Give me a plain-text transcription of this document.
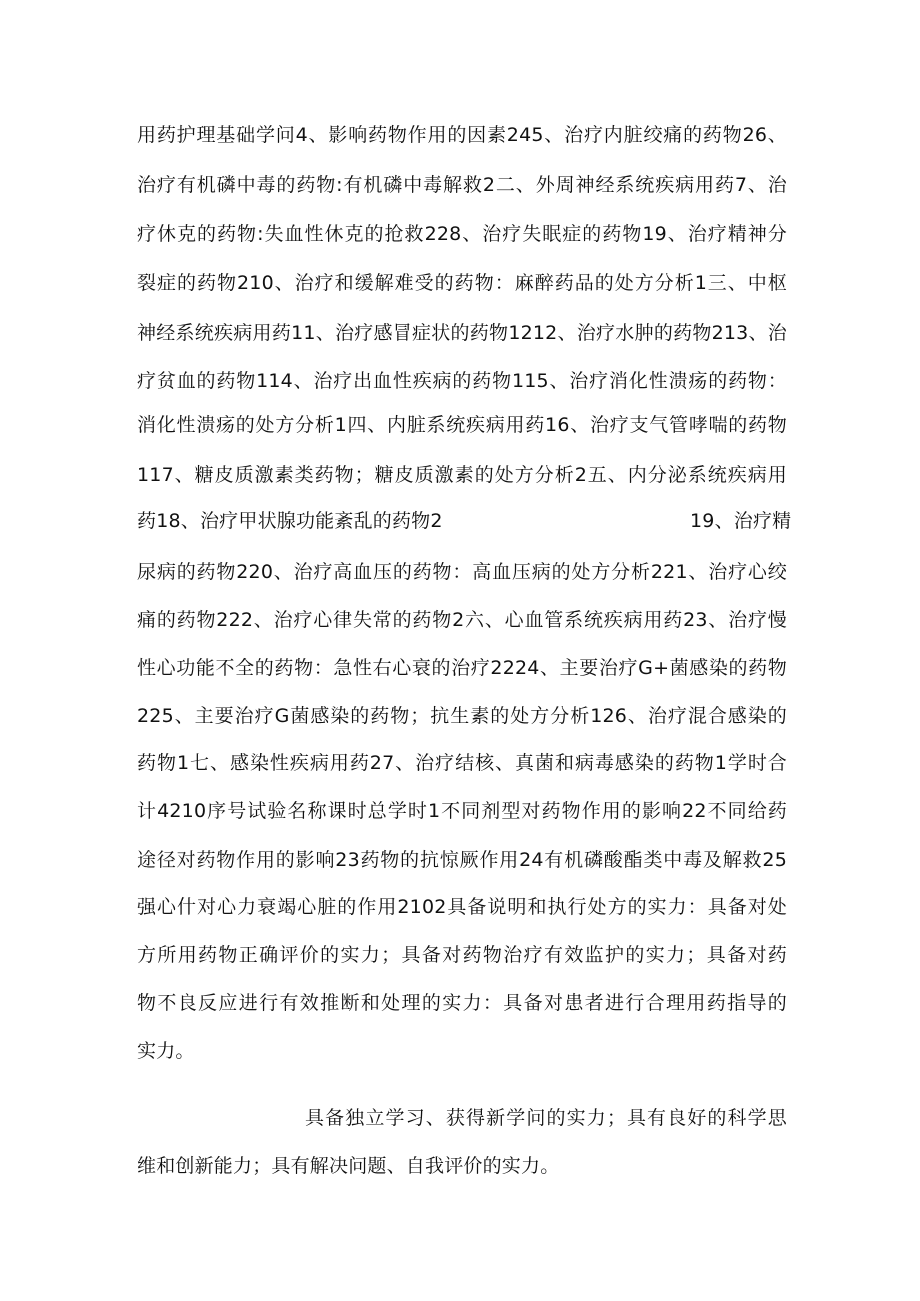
用药护理基础学问4、影响药物作用的因素245、治疗内脏绞痛的药物26、
治疗有机磷中毒的药物:有机磷中毒解救2二、外周神经系统疾病用药7、治
疗休克的药物:失血性休克的抢救228、治疗失眠症的药物19、治疗精神分
裂症的药物210、治疗和缓解难受的药物：麻醉药品的处方分析1三、中枢
神经系统疾病用药11、治疗感冒症状的药物1212、治疗水肿的药物213、治
疗贫血的药物114、治疗出血性疾病的药物115、治疗消化性溃疡的药物：
消化性溃疡的处方分析1四、内脏系统疾病用药16、治疗支气管哮喘的药物
117、糖皮质激素类药物；糖皮质激素的处方分析2五、内分泌系统疾病用
药18、治疗甲状腺功能紊乱的药物2	19、治疗精
尿病的药物220、治疗高血压的药物：高血压病的处方分析221、治疗心绞
痛的药物222、治疗心律失常的药物2六、心血管系统疾病用药23、治疗慢
性心功能不全的药物：急性右心衰的治疗2224、主要治疗G+菌感染的药物
225、主要治疗G菌感染的药物；抗生素的处方分析126、治疗混合感染的
药物1七、感染性疾病用药27、治疗结核、真菌和病毒感染的药物1学时合
计4210序号试验名称课时总学时1不同剂型对药物作用的影响22不同给药
途径对药物作用的影响23药物的抗惊厥作用24有机磷酸酯类中毒及解救25
强心什对心力衰竭心脏的作用2102具备说明和执行处方的实力：具备对处
方所用药物正确评价的实力；具备对药物治疗有效监护的实力；具备对药
物不良反应进行有效推断和处理的实力：具备对患者进行合理用药指导的
实力。
具备独立学习、获得新学问的实力；具有良好的科学思
维和创新能力；具有解决问题、自我评价的实力。
